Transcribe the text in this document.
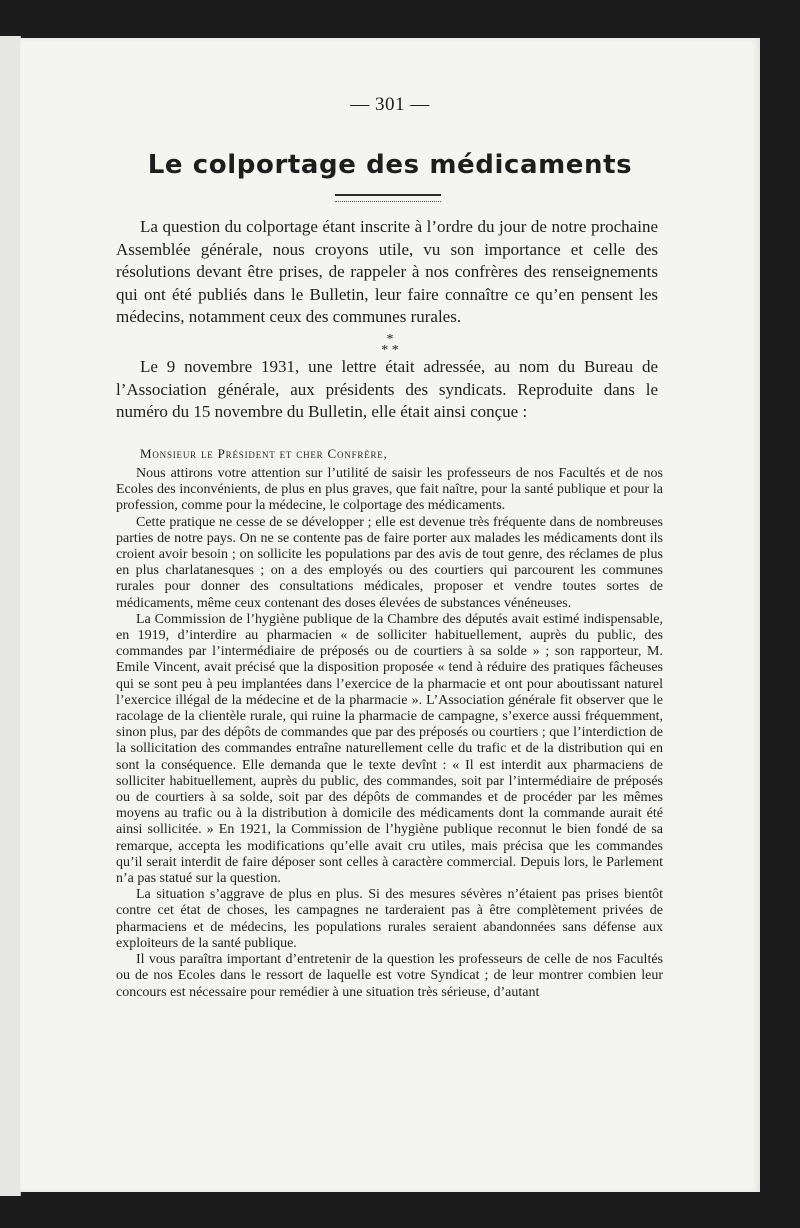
— 301 —
Le colportage des médicaments

La question du colportage étant inscrite à l’ordre du jour de notre prochaine Assemblée générale, nous croyons utile, vu son importance et celle des résolutions devant être prises, de rappeler à nos confrères des renseignements qui ont été publiés dans le Bulletin, leur faire connaître ce qu’en pensent les médecins, notamment ceux des communes rurales.

*
* *

Le 9 novembre 1931, une lettre était adressée, au nom du Bureau de l’Association générale, aux présidents des syndicats. Reproduite dans le numéro du 15 novembre du Bulletin, elle était ainsi conçue :

Monsieur le Président et cher Confrère,

Nous attirons votre attention sur l’utilité de saisir les professeurs de nos Facultés et de nos Ecoles des inconvénients, de plus en plus graves, que fait naître, pour la santé publique et pour la profession, comme pour la médecine, le colportage des médicaments.

Cette pratique ne cesse de se développer ; elle est devenue très fréquente dans de nombreuses parties de notre pays. On ne se contente pas de faire porter aux malades les médicaments dont ils croient avoir besoin ; on sollicite les populations par des avis de tout genre, des réclames de plus en plus charlatanesques ; on a des employés ou des courtiers qui parcourent les communes rurales pour donner des consultations médicales, proposer et vendre toutes sortes de médicaments, même ceux contenant des doses élevées de substances vénéneuses.

La Commission de l’hygiène publique de la Chambre des députés avait estimé indispensable, en 1919, d’interdire au pharmacien « de solliciter habituellement, auprès du public, des commandes par l’intermédiaire de préposés ou de courtiers à sa solde » ; son rapporteur, M. Emile Vincent, avait précisé que la disposition proposée « tend à réduire des pratiques fâcheuses qui se sont peu à peu implantées dans l’exercice de la pharmacie et ont pour aboutissant naturel l’exercice illégal de la médecine et de la pharmacie ». L’Association générale fit observer que le racolage de la clientèle rurale, qui ruine la pharmacie de campagne, s’exerce aussi fréquemment, sinon plus, par des dépôts de commandes que par des préposés ou courtiers ; que l’interdiction de la sollicitation des commandes entraîne naturellement celle du trafic et de la distribution qui en sont la conséquence. Elle demanda que le texte devînt : « Il est interdit aux pharmaciens de solliciter habituellement, auprès du public, des commandes, soit par l’intermédiaire de préposés ou de courtiers à sa solde, soit par des dépôts de commandes et de procéder par les mêmes moyens au trafic ou à la distribution à domicile des médicaments dont la commande aurait été ainsi sollicitée. » En 1921, la Commission de l’hygiène publique reconnut le bien fondé de sa remarque, accepta les modifications qu’elle avait cru utiles, mais précisa que les commandes qu’il serait interdit de faire déposer sont celles à caractère commercial. Depuis lors, le Parlement n’a pas statué sur la question.

La situation s’aggrave de plus en plus. Si des mesures sévères n’étaient pas prises bientôt contre cet état de choses, les campagnes ne tarderaient pas à être complètement privées de pharmaciens et de médecins, les populations rurales seraient abandonnées sans défense aux exploiteurs de la santé publique.

Il vous paraîtra important d’entretenir de la question les professeurs de celle de nos Facultés ou de nos Ecoles dans le ressort de laquelle est votre Syndicat ; de leur montrer combien leur concours est nécessaire pour remédier à une situation très sérieuse, d’autant
